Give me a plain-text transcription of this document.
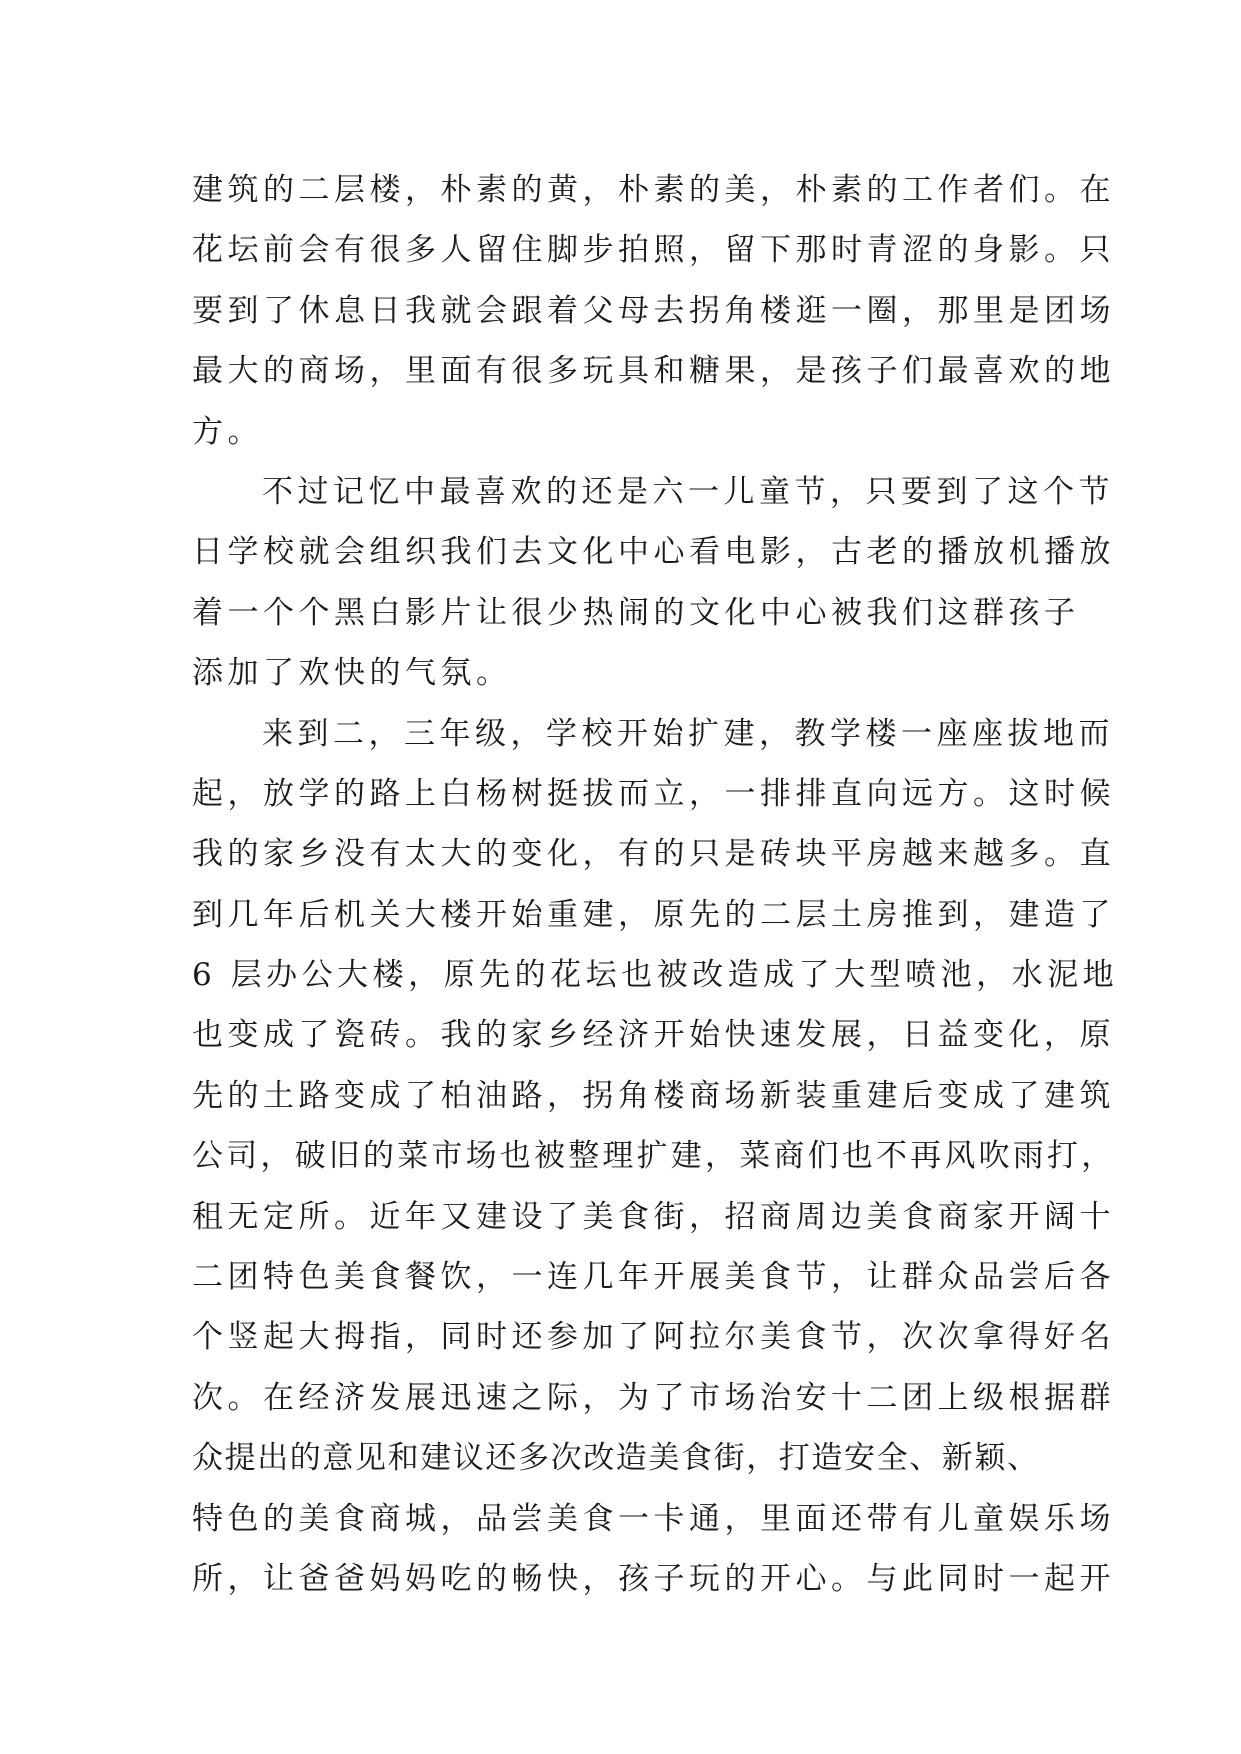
建筑的二层楼，朴素的黄，朴素的美，朴素的工作者们。在
花坛前会有很多人留住脚步拍照，留下那时青涩的身影。只
要到了休息日我就会跟着父母去拐角楼逛一圈，那里是团场
最大的商场，里面有很多玩具和糖果，是孩子们最喜欢的地
方。
不过记忆中最喜欢的还是六一儿童节，只要到了这个节
日学校就会组织我们去文化中心看电影，古老的播放机播放
着一个个黑白影片让很少热闹的文化中心被我们这群孩子
添加了欢快的气氛。
来到二，三年级，学校开始扩建，教学楼一座座拔地而
起，放学的路上白杨树挺拔而立，一排排直向远方。这时候
我的家乡没有太大的变化，有的只是砖块平房越来越多。直
到几年后机关大楼开始重建，原先的二层土房推到，建造了
6 层办公大楼，原先的花坛也被改造成了大型喷池，水泥地
也变成了瓷砖。我的家乡经济开始快速发展，日益变化，原
先的土路变成了柏油路，拐角楼商场新装重建后变成了建筑
公司，破旧的菜市场也被整理扩建，菜商们也不再风吹雨打，
租无定所。近年又建设了美食街，招商周边美食商家开阔十
二团特色美食餐饮，一连几年开展美食节，让群众品尝后各
个竖起大拇指，同时还参加了阿拉尔美食节，次次拿得好名
次。在经济发展迅速之际，为了市场治安十二团上级根据群
众提出的意见和建议还多次改造美食街，打造安全、新颖、
特色的美食商城，品尝美食一卡通，里面还带有儿童娱乐场
所，让爸爸妈妈吃的畅快，孩子玩的开心。与此同时一起开
